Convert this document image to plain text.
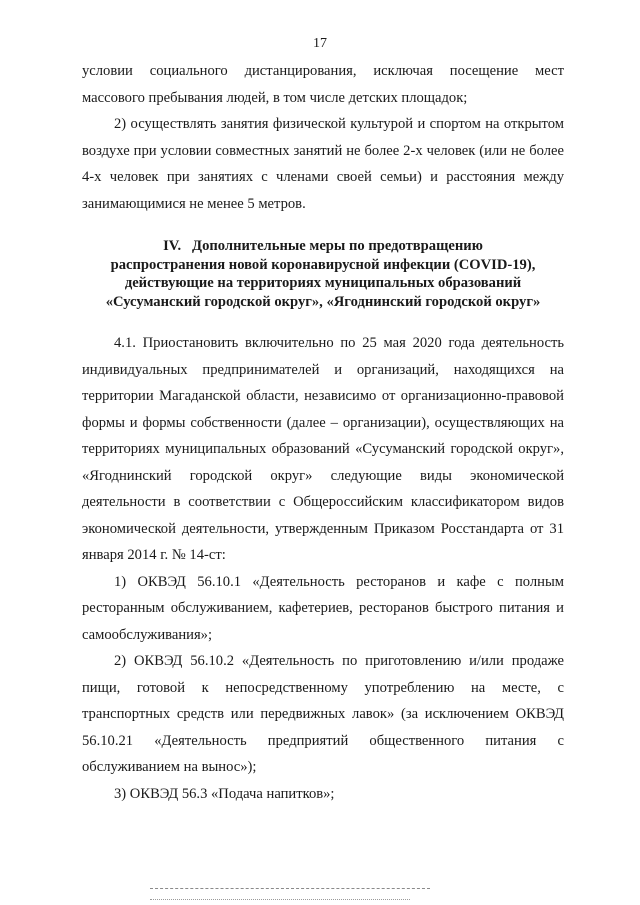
17

условии социального дистанцирования, исключая посещение мест массового пребывания людей, в том числе детских площадок;

2) осуществлять занятия физической культурой и спортом на открытом воздухе при условии совместных занятий не более 2-х человек (или не более 4-х человек при занятиях с членами своей семьи) и расстояния между занимающимися не менее 5 метров.

IV.   Дополнительные меры по предотвращению
распространения новой коронавирусной инфекции (COVID-19),
действующие на территориях муниципальных образований
«Сусуманский городской округ», «Ягоднинский городской округ»

4.1. Приостановить включительно по 25 мая 2020 года деятельность индивидуальных предпринимателей и организаций, находящихся на территории Магаданской области, независимо от организационно-правовой формы и формы собственности (далее – организации), осуществляющих на территориях муниципальных образований «Сусуманский городской округ», «Ягоднинский городской округ» следующие виды экономической деятельности в соответствии с Общероссийским классификатором видов экономической деятельности, утвержденным Приказом Росстандарта от 31 января 2014 г. № 14-ст:

1) ОКВЭД 56.10.1 «Деятельность ресторанов и кафе с полным ресторанным обслуживанием, кафетериев, ресторанов быстрого питания и самообслуживания»;

2) ОКВЭД 56.10.2 «Деятельность по приготовлению и/или продаже пищи, готовой к непосредственному употреблению на месте, с транспортных средств или передвижных лавок» (за исключением ОКВЭД 56.10.21 «Деятельность предприятий общественного питания с обслуживанием на вынос»);

3) ОКВЭД 56.3 «Подача напитков»;
